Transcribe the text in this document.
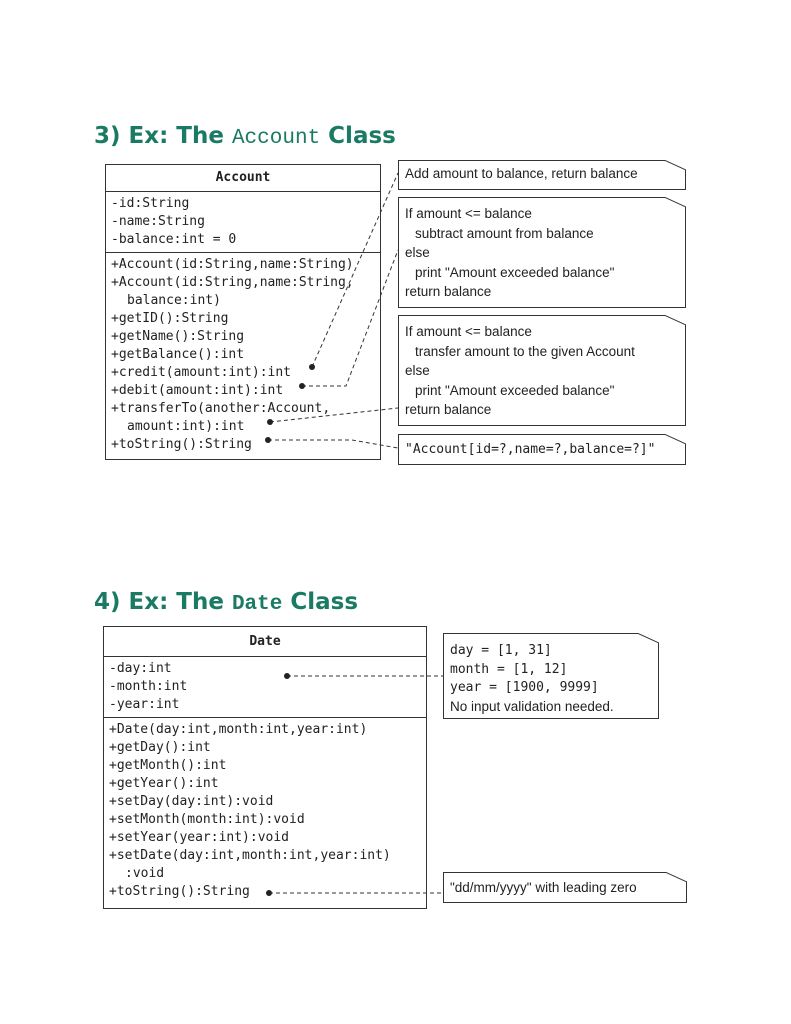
3) Ex: The Account Class
Account
-id:String
-name:String
-balance:int = 0
+Account(id:String,name:String)
+Account(id:String,name:String,
balance:int)
+getID():String
+getName():String
+getBalance():int
+credit(amount:int):int
+debit(amount:int):int
+transferTo(another:Account,
amount:int):int
+toString():String
Add amount to balance, return balance
If amount <= balance
subtract amount from balance
else
print "Amount exceeded balance"
return balance
If amount <= balance
transfer amount to the given Account
else
print "Amount exceeded balance"
return balance
"Account[id=?,name=?,balance=?]"
4) Ex: The Date Class
Date
-day:int
-month:int
-year:int
+Date(day:int,month:int,year:int)
+getDay():int
+getMonth():int
+getYear():int
+setDay(day:int):void
+setMonth(month:int):void
+setYear(year:int):void
+setDate(day:int,month:int,year:int)
:void
+toString():String
day = [1, 31]
month = [1, 12]
year = [1900, 9999]
No input validation needed.
"dd/mm/yyyy" with leading zero
